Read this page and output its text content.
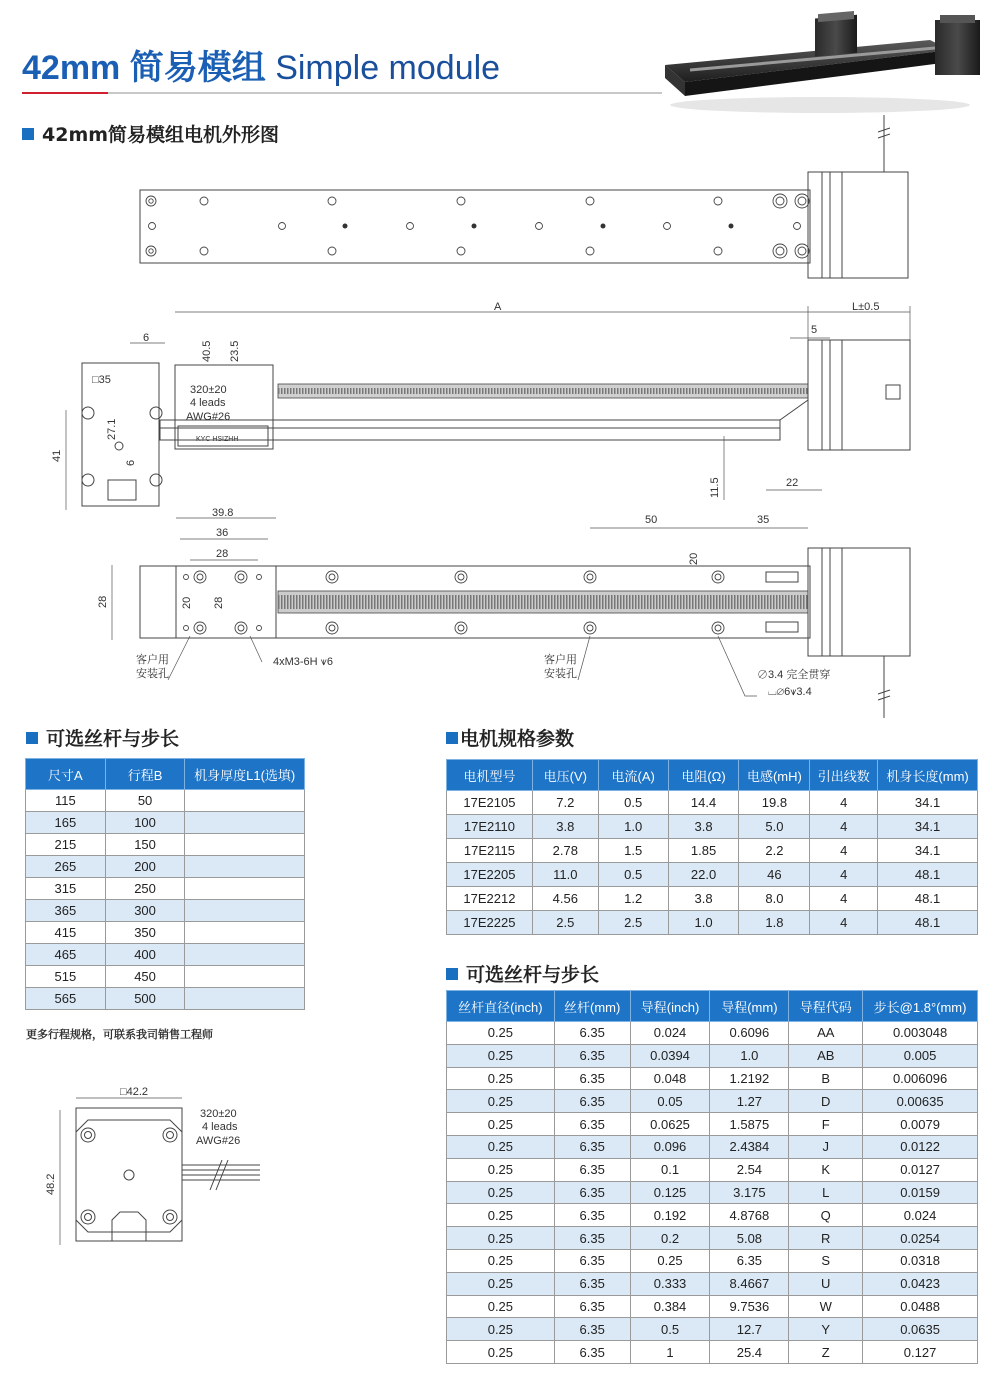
42mm 简易模组 Simple module
42mm简易模组电机外形图
A	L±0.5
5
6
40.5 23.5
□35
27.1
6
41
320±20
4 leads
AWG#26
KYC HSIZHH
11.5	22
39.8
36
28
50	35
20
28	20 28
客户用
安装孔
4xM3-6H ⩛6	客户用
安装孔	∅3.4 完全贯穿
⌴∅6⩛3.4
可选丝杆与步长	电机规格参数
可选丝杆与步长
尺寸A	行程B	机身厚度L1(选填)
115	50	
165	100	
215	150	
265	200	
315	250	
365	300	
415	350	
465	400	
515	450	
565	500	
更多行程规格，可联系我司销售工程师
□42.2
48.2
320±20
4 leads
AWG#26
电机型号	电压(V)	电流(A)	电阻(Ω)	电感(mH)	引出线数	机身长度(mm)
17E2105	7.2	0.5	14.4	19.8	4	34.1
17E2110	3.8	1.0	3.8	5.0	4	34.1
17E2115	2.78	1.5	1.85	2.2	4	34.1
17E2205	11.0	0.5	22.0	46	4	48.1
17E2212	4.56	1.2	3.8	8.0	4	48.1
17E2225	2.5	2.5	1.0	1.8	4	48.1
丝杆直径(inch)	丝杆(mm)	导程(inch)	导程(mm)	导程代码	步长@1.8°(mm)
0.25	6.35	0.024	0.6096	AA	0.003048
0.25	6.35	0.0394	1.0	AB	0.005
0.25	6.35	0.048	1.2192	B	0.006096
0.25	6.35	0.05	1.27	D	0.00635
0.25	6.35	0.0625	1.5875	F	0.0079
0.25	6.35	0.096	2.4384	J	0.0122
0.25	6.35	0.1	2.54	K	0.0127
0.25	6.35	0.125	3.175	L	0.0159
0.25	6.35	0.192	4.8768	Q	0.024
0.25	6.35	0.2	5.08	R	0.0254
0.25	6.35	0.25	6.35	S	0.0318
0.25	6.35	0.333	8.4667	U	0.0423
0.25	6.35	0.384	9.7536	W	0.0488
0.25	6.35	0.5	12.7	Y	0.0635
0.25	6.35	1	25.4	Z	0.127
